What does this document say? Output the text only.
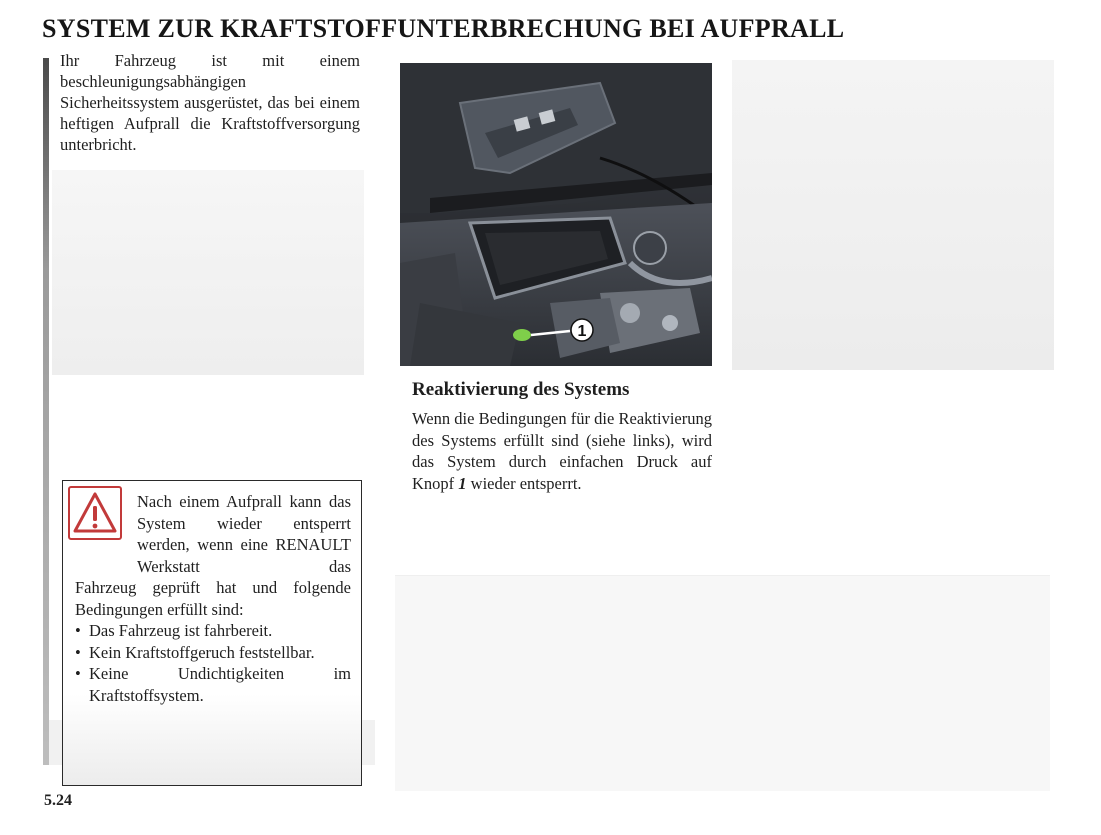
SYSTEM ZUR KRAFTSTOFFUNTERBRECHUNG BEI AUFPRALL

Ihr Fahrzeug ist mit einem beschleunigungsabhängigen Sicherheitssystem ausgerüstet, das bei einem heftigen Aufprall die Kraftstoffversorgung unterbricht.

1
Reaktivierung des Systems

Wenn die Bedingungen für die Reaktivierung des Systems erfüllt sind (siehe links), wird das System durch einfachen Druck auf Knopf 1 wieder entsperrt.

Nach einem Aufprall kann das System wieder entsperrt werden, wenn eine RENAULT Werkstatt das

Fahrzeug geprüft hat und folgende Bedingungen erfüllt sind:

• Das Fahrzeug ist fahrbereit.
• Kein Kraftstoffgeruch feststellbar.
• Keine Undichtigkeiten im Kraftstoffsystem.

5.24
